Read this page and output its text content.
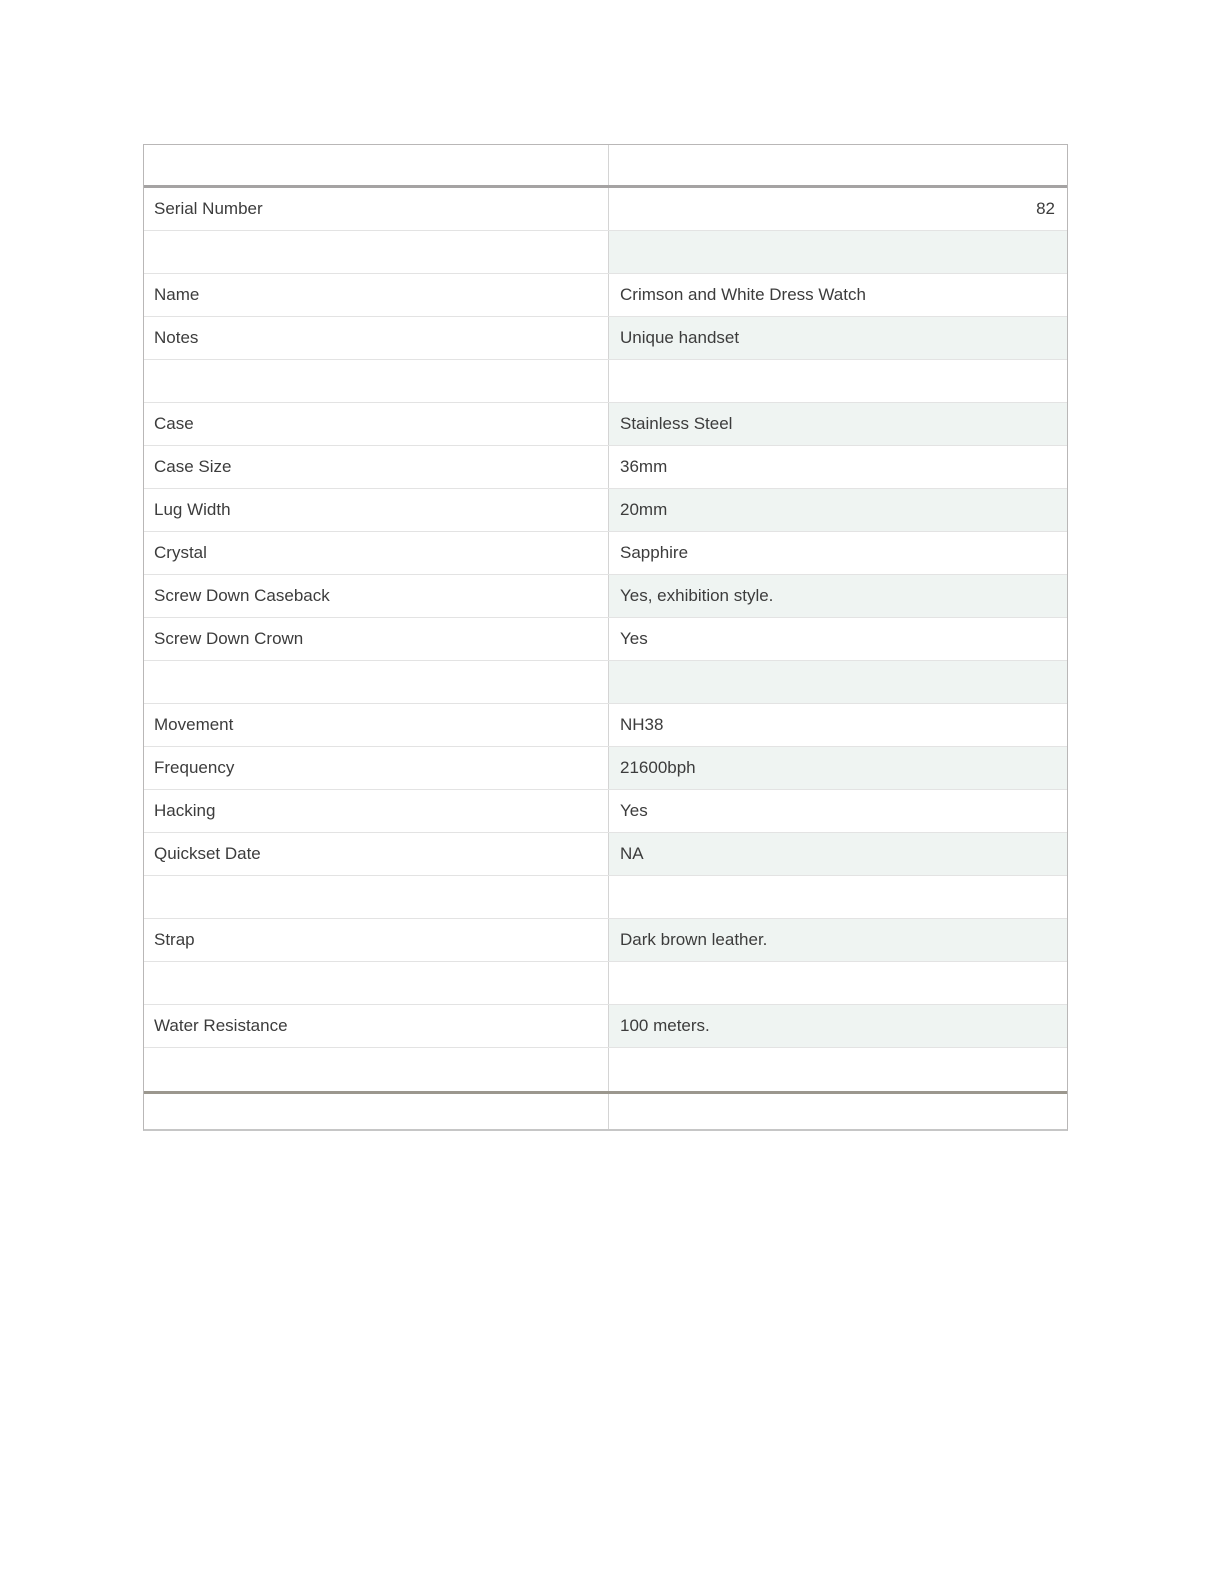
Serial Number	82
Name	Crimson and White Dress Watch
Notes	Unique handset
Case	Stainless Steel
Case Size	36mm
Lug Width	20mm
Crystal	Sapphire
Screw Down Caseback	Yes, exhibition style.
Screw Down Crown	Yes
Movement	NH38
Frequency	21600bph
Hacking	Yes
Quickset Date	NA
Strap	Dark brown leather.
Water Resistance	100 meters.
